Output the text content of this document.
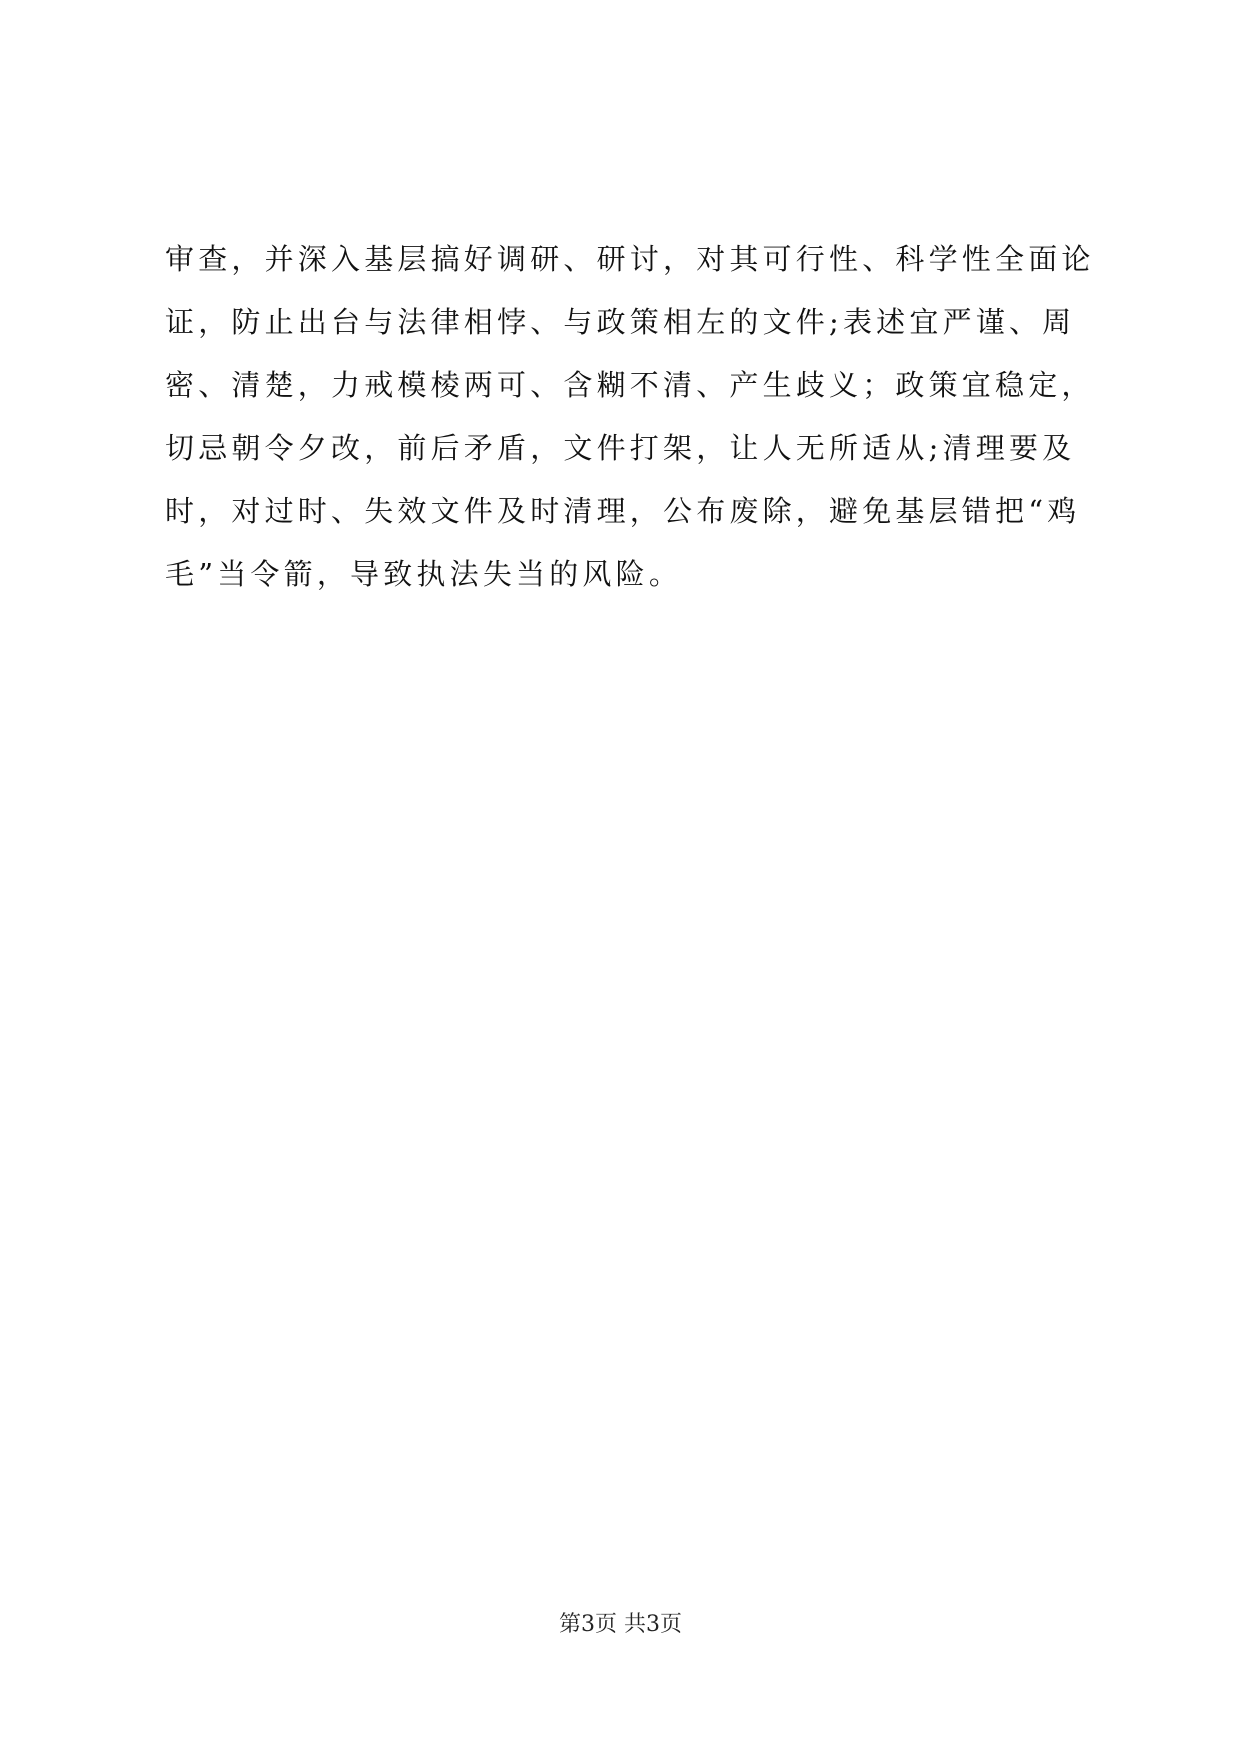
审查，并深入基层搞好调研、研讨，对其可行性、科学性全面论
证，防止出台与法律相悖、与政策相左的文件;表述宜严谨、周
密、清楚，力戒模棱两可、含糊不清、产生歧义；政策宜稳定，
切忌朝令夕改，前后矛盾，文件打架，让人无所适从;清理要及
时，对过时、失效文件及时清理，公布废除，避免基层错把“鸡
毛”当令箭，导致执法失当的风险。
第3页 共3页
